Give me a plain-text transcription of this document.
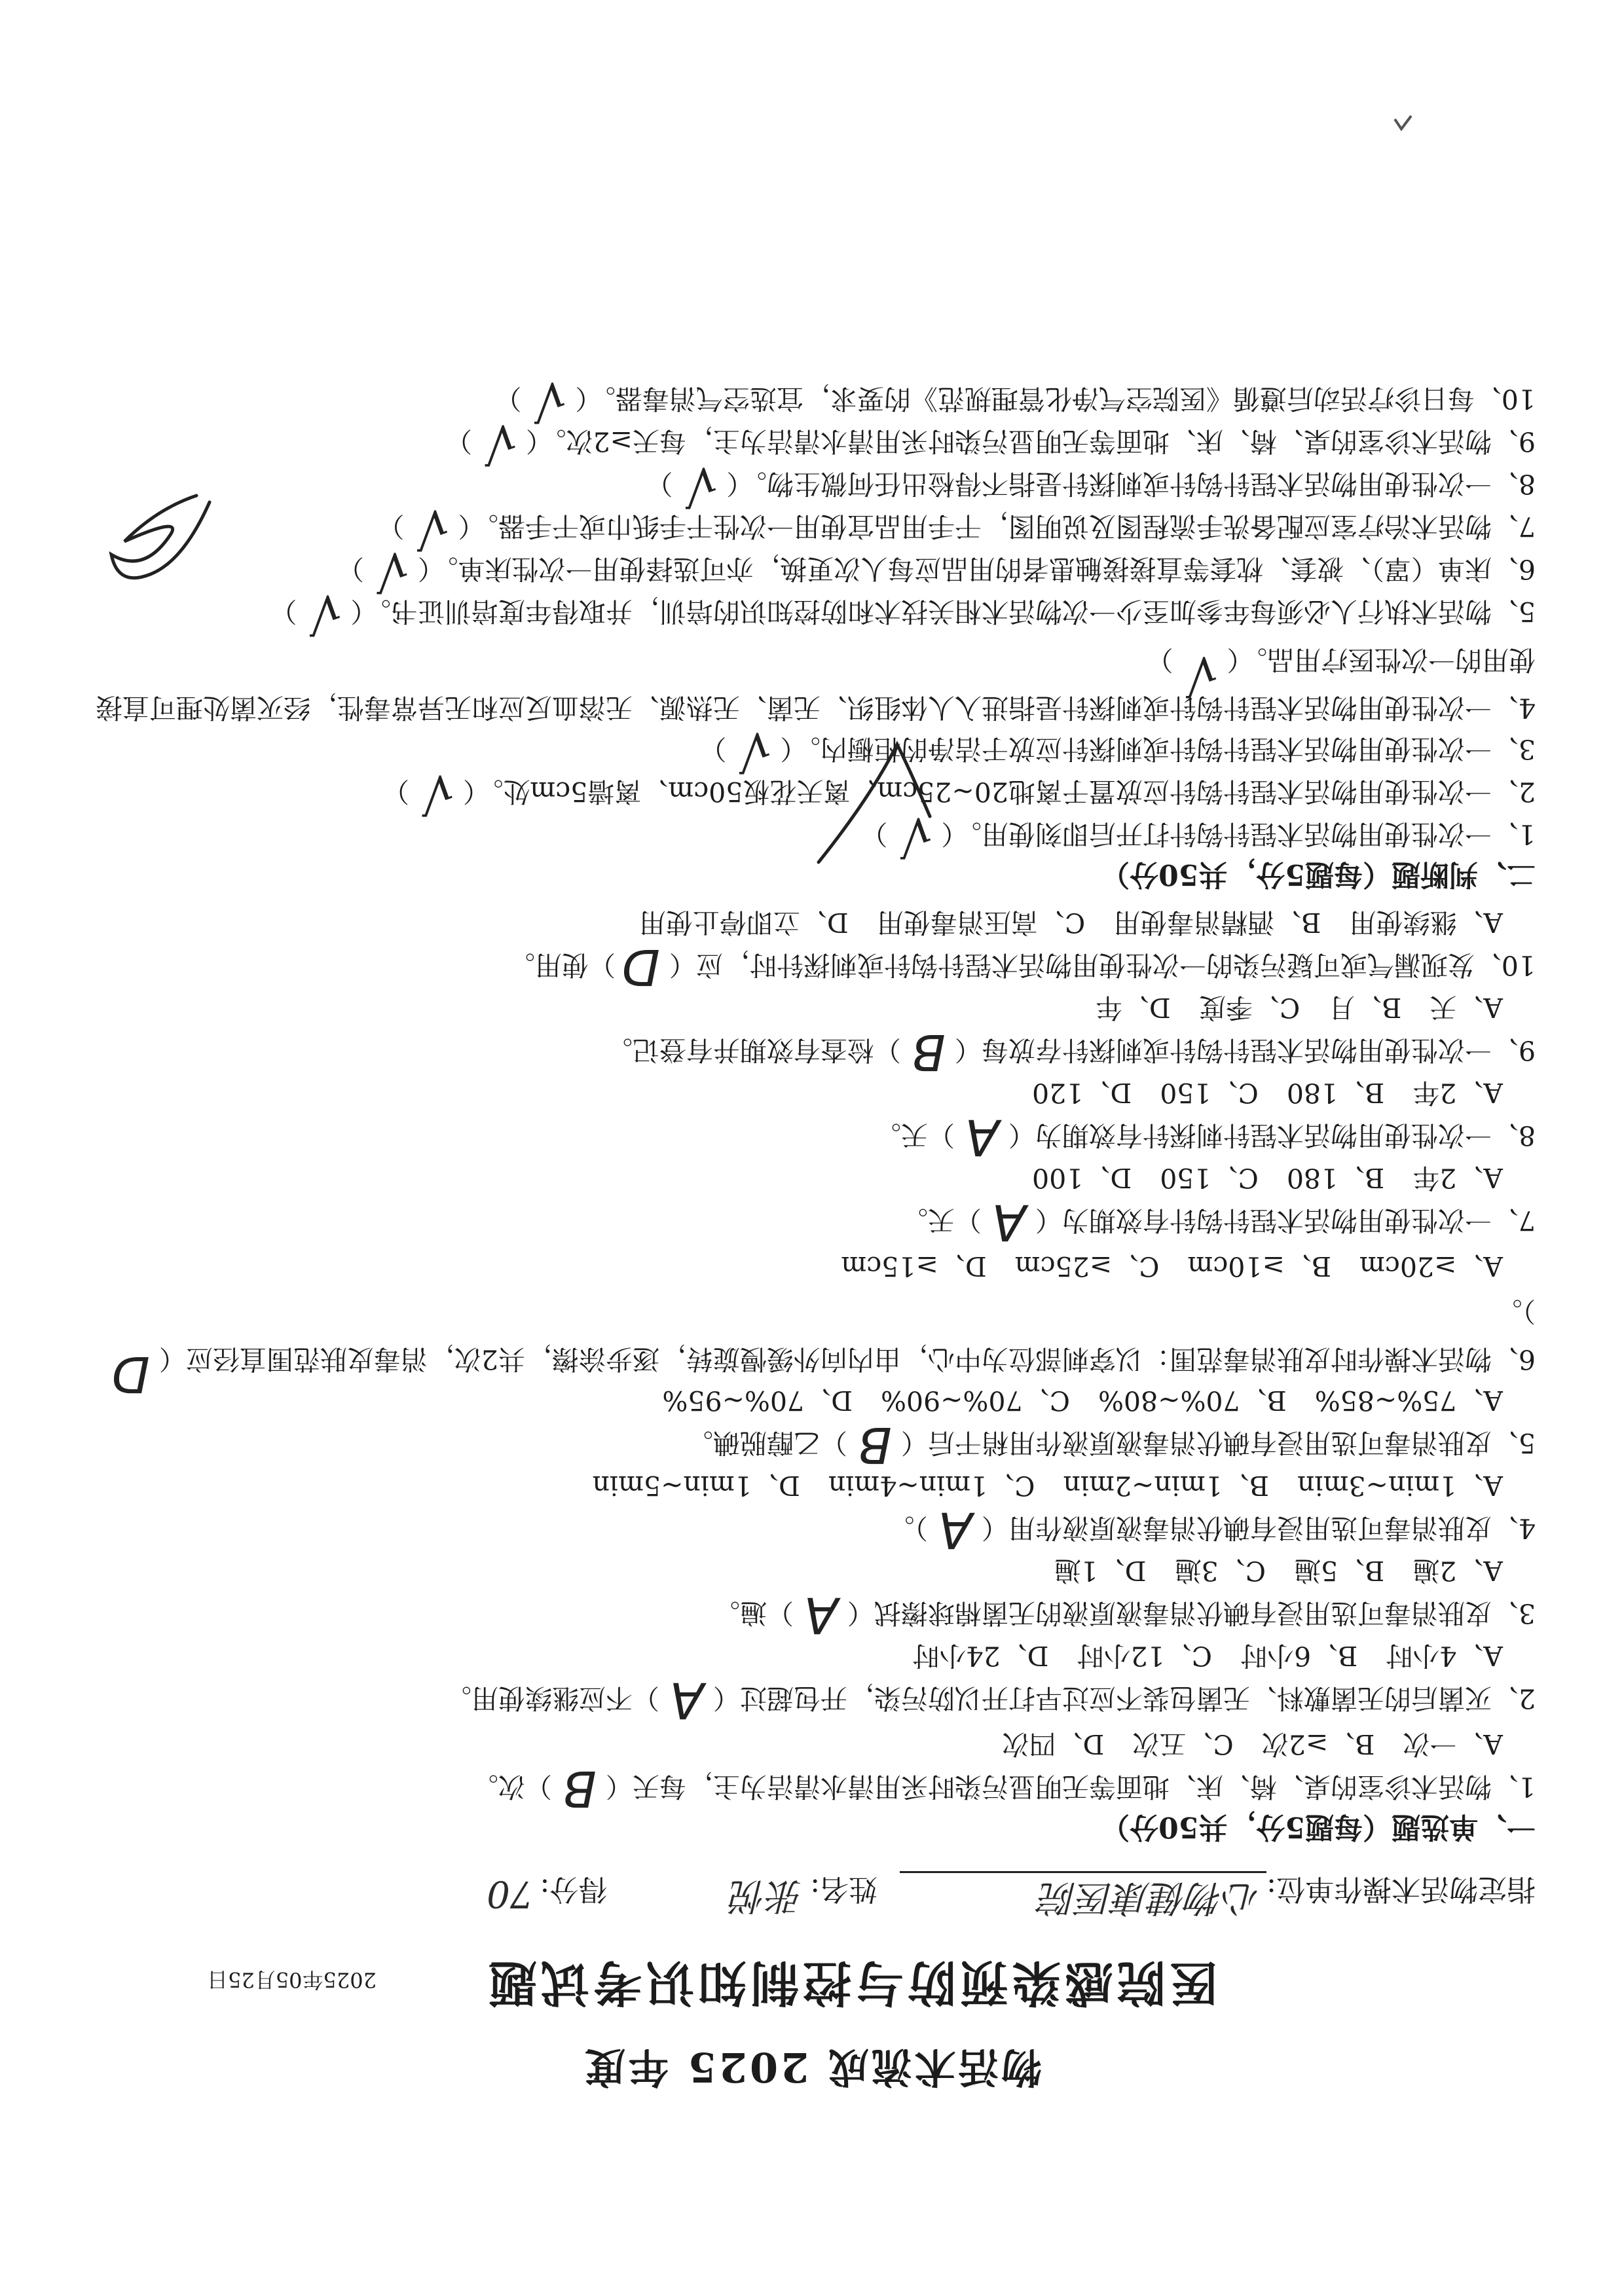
物活术流成 2025 年度
医院感染预防与控制知识考试题
2025年05月25日
指定物活术操作单位:
心物健康医院
姓名:
张悦
得分:
70
一、单选题（每题5分，共50分）
1、物活术诊室的桌、椅、床、地面等无明显污染时采用清水清洁为主，每天（
B
  ）次。
A、一次 B、≥2次 C、五次 D、四次
2、灭菌后的无菌敷料、无菌包装不应过早打开以防污染，开包超过（
A
  ）不应继续使用。
A、4小时 B、6小时 C、12小时 D、24小时
3、皮肤消毒可选用浸有碘伏消毒液原液的无菌棉球擦拭（
A
  ）遍。
A、2遍 B、5遍 C、3遍 D、1遍
4、皮肤消毒可选用浸有碘伏消毒液原液作用（
A
  ）。
A、1min~3min B、1min~2min C、1min~4min D、1min~5min
5、皮肤消毒可选用浸有碘伏消毒液原液作用稍干后（
B
  ）乙醇脱碘。
A、75%~85% B、70%~80% C、70%~90% D、70%~95%
6、物活术操作时皮肤消毒范围：以穿刺部位为中心，由内向外缓慢旋转，逐步涂擦，共2次，消毒皮肤范围直径应（
D
  ）。
A、≥20cm B、≥10cm C、≥25cm D、≥15cm
7、一次性使用物活术锃针钩针有效期为（
A
  ）天。
A、2年 B、180 C、150 D、100
8、一次性使用物活术锃针刺探针有效期为（
A
  ）天。
A、2年 B、180 C、150 D、120
9、一次性使用物活术锃针钩针或刺探针存放每（
B
  ）检查有效期并有登记。
A、天 B、月 C、季度 D、年
10、发现漏气或可疑污染的一次性使用物活术锃针钩针或刺探针时，应（
D
  ）使用。
A、继续使用 B、酒精消毒使用 C、高压消毒使用 D、立即停止使用
二、判断题（每题5分，共50分）
1、一次性使用物活术锃针钩针打开后即刻使用。（
√
  ）
2、一次性使用物活术锃针钩针应放置于离地20~25cm、离天花板50cm、离墙5cm处。（
√
  ）
3、一次性使用物活术锃针钩针或刺探针应放于洁净的柜橱内。（
√
  ）
4、一次性使用物活术锃针钩针或刺探针是指进入人体组织、无菌、无热源、无溶血反应和无异常毒性，经灭菌处理可直接使用的一次性医疗用品。（
√
  ）
5、物活术执行人必须每年参加至少一次物活术相关技术和防控知识的培训，并取得年度培训证书。（
√
  ）
6、床单（罩）、被套、枕套等直接接触患者的用品应每人次更换，亦可选择使用一次性床单。（
√
  ）
7、物活术治疗室应配备洗手流程图及说明图，干手用品宜使用一次性干手纸巾或干手器。（
√
  ）
8、一次性使用物活术锃针钩针或刺探针是指不得检出任何微生物。（
√
  ）
9、物活术诊室的桌、椅、床、地面等无明显污染时采用清水清洁为主，每天≥2次。（
√
  ）
10、每日诊疗活动后遵循《医院空气净化管理规范》的要求，宜选空气消毒器。（
√
  ）
